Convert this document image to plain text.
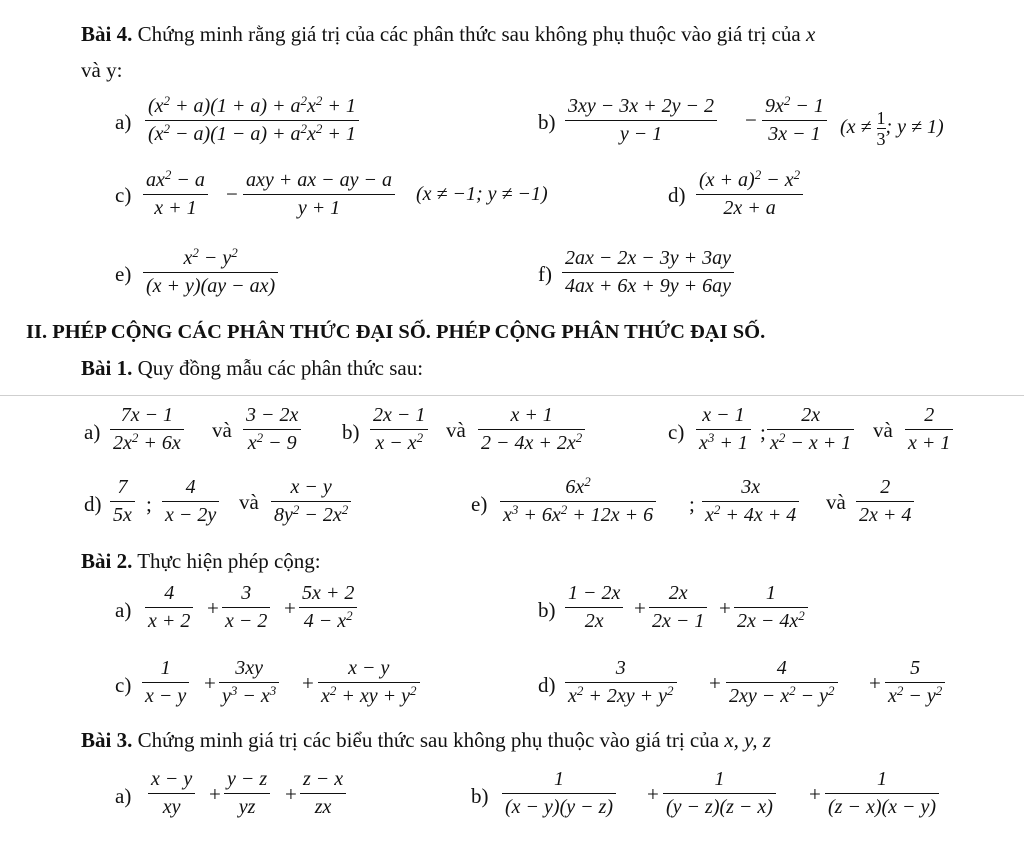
Bài 4. Chứng minh rằng giá trị của các phân thức sau không phụ thuộc vào giá trị của x
và y:
a)
$(x^2 + a)(1 + a) + a^2x^2 + 1$
$(x^2 - a)(1 - a) + a^2x^2 + 1$	b)
3xy − 3x + 2y − 2
y − 1
−
$9x^2 - 1$
3x − 1 ($x \ne \frac{1}{3}$ ; y ≠ 1)
c)
$ax^2 - a$
x + 1
−
axy + ax − ay − a
y + 1
(x ≠ −1; y ≠ −1)	d)
$(x + a)^2 - x^2$
2x + a
e)
$x^2 - y^2$
(x + y)(ay − ax)	f)
2ax − 2x − 3y + 3ay
4ax + 6x + 9y + 6ay
II. PHÉP CỘNG CÁC PHÂN THỨC ĐẠI SỐ. PHÉP CỘNG PHÂN THỨC ĐẠI SỐ.
Bài 1. Quy đồng mẫu các phân thức sau:
a)
7x − 1
$2x^2 + 6x$
và
3 − 2x
$x^2 - 9$ b)
2x − 1
$x - x^2$ và
x + 1
$2 - 4x + 2x^2$	c)
x − 1
$x^3 + 1$ ;
2x
$x^2 - x + 1$
và
2
x + 1
d)
7
5x ;
4
x − 2y
và
x − y
$8y^2 - 2x^2$	e)
$6x^2$
$x^3 + 6x^2 + 12x + 6$ ;
3x
$x^2 + 4x + 4$
và
2
2x + 4
Bài 2. Thực hiện phép cộng:
a)
4
x + 2
+
3
x − 2
+
5x + 2
$4 - x^2$	b)
1 − 2x
2x
+
2x
2x − 1
+
1
$2x - 4x^2$
c)
1
x − y
+
3xy
$y^3 - x^3$ +
x − y
$x^2$ + xy + $y^2$	d)
3
$x^2 + 2xy + y^2$ +
4
$2xy - x^2 - y^2$ +
5
$x^2 - y^2$
Bài 3. Chứng minh giá trị các biểu thức sau không phụ thuộc vào giá trị của x, y, z
a)
x − y
xy
+
y − z
yz
+
z − x
zx	b)
1
(x − y)(y − z)
+
1
(y − z)(z − x)
+
1
(z − x)(x − y)
